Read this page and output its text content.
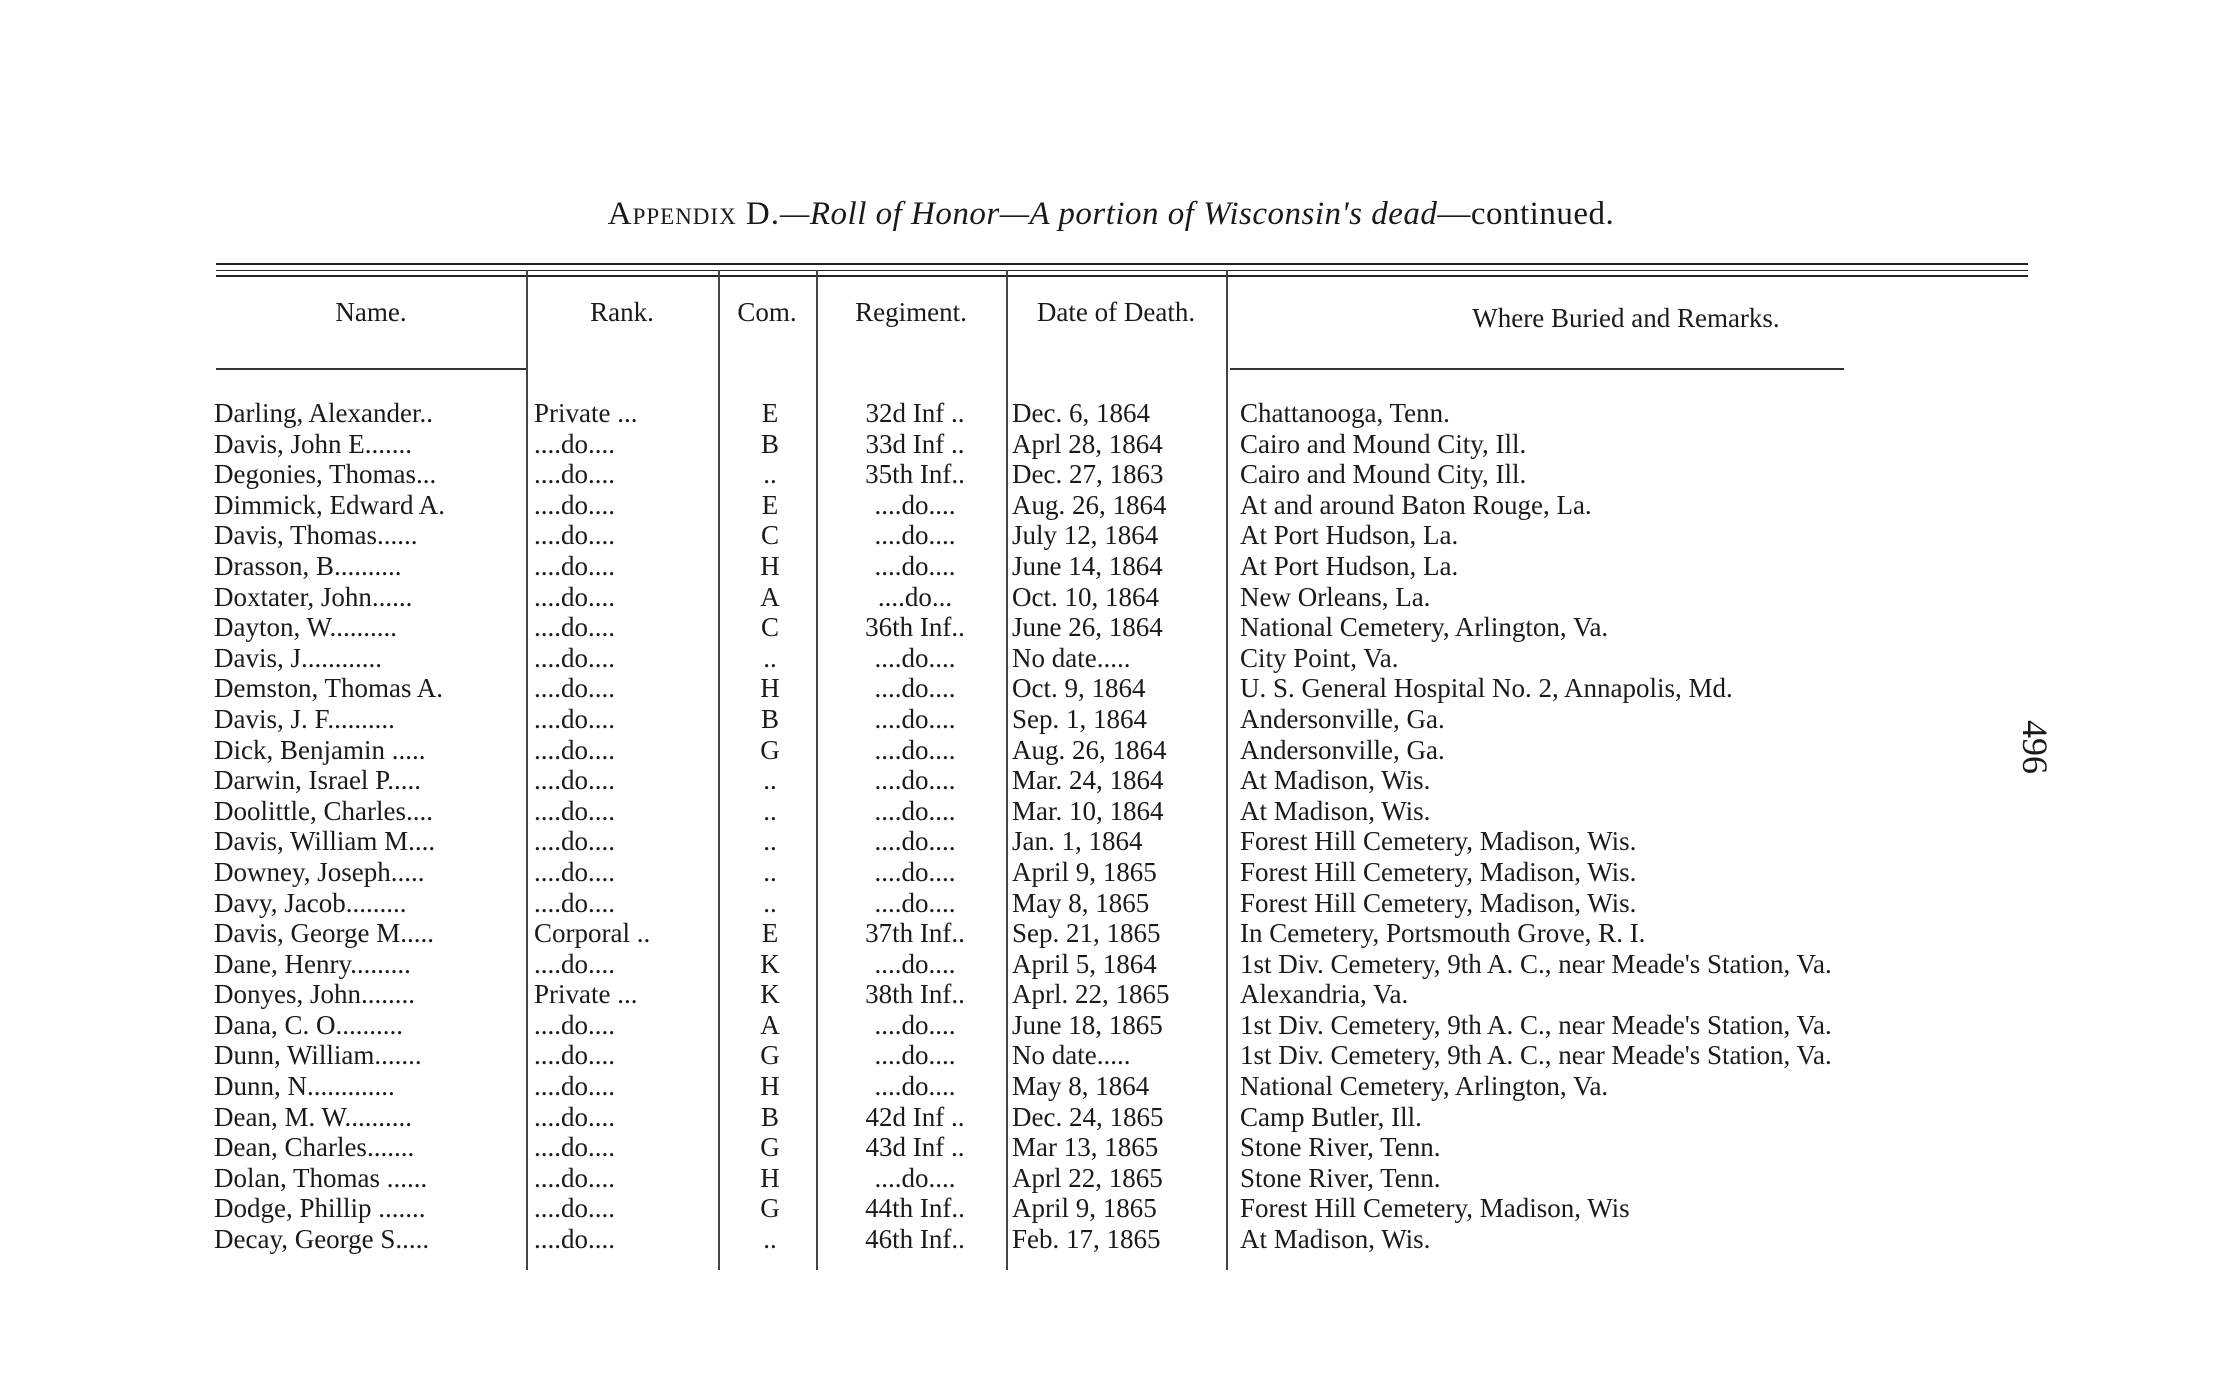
Appendix D.—Roll of Honor—A portion of Wisconsin's dead—continued.
Name.	Rank.	Com.	Regiment.	Date of Death.	Where Buried and Remarks.
Darling, Alexander..	Private ...	E	32d Inf ..	Dec. 6, 1864	Chattanooga, Tenn.
Davis, John E.......	....do....	B	33d Inf ..	Aprl 28, 1864	Cairo and Mound City, Ill.
Degonies, Thomas...	....do....	..	35th Inf..	Dec. 27, 1863	Cairo and Mound City, Ill.
Dimmick, Edward A.	....do....	E	....do....	Aug. 26, 1864	At and around Baton Rouge, La.
Davis, Thomas......	....do....	C	....do....	July 12, 1864	At Port Hudson, La.
Drasson, B..........	....do....	H	....do....	June 14, 1864	At Port Hudson, La.
Doxtater, John......	....do....	A	....do...	Oct. 10, 1864	New Orleans, La.
Dayton, W..........	....do....	C	36th Inf..	June 26, 1864	National Cemetery, Arlington, Va.
Davis, J............	....do....	..	....do....	No date.....	City Point, Va.
Demston, Thomas A.	....do....	H	....do....	Oct. 9, 1864	U. S. General Hospital No. 2, Annapolis, Md.
Davis, J. F..........	....do....	B	....do....	Sep. 1, 1864	Andersonville, Ga.
Dick, Benjamin .....	....do....	G	....do....	Aug. 26, 1864	Andersonville, Ga.
Darwin, Israel P.....	....do....	..	....do....	Mar. 24, 1864	At Madison, Wis.
Doolittle, Charles....	....do....	..	....do....	Mar. 10, 1864	At Madison, Wis.
Davis, William M....	....do....	..	....do....	Jan. 1, 1864	Forest Hill Cemetery, Madison, Wis.
Downey, Joseph.....	....do....	..	....do....	April 9, 1865	Forest Hill Cemetery, Madison, Wis.
Davy, Jacob.........	....do....	..	....do....	May 8, 1865	Forest Hill Cemetery, Madison, Wis.
Davis, George M.....	Corporal ..	E	37th Inf..	Sep. 21, 1865	In Cemetery, Portsmouth Grove, R. I.
Dane, Henry.........	....do....	K	....do....	April 5, 1864	1st Div. Cemetery, 9th A. C., near Meade's Station, Va.
Donyes, John........	Private ...	K	38th Inf..	Aprl. 22, 1865	Alexandria, Va.
Dana, C. O..........	....do....	A	....do....	June 18, 1865	1st Div. Cemetery, 9th A. C., near Meade's Station, Va.
Dunn, William.......	....do....	G	....do....	No date.....	1st Div. Cemetery, 9th A. C., near Meade's Station, Va.
Dunn, N.............	....do....	H	....do....	May 8, 1864	National Cemetery, Arlington, Va.
Dean, M. W..........	....do....	B	42d Inf ..	Dec. 24, 1865	Camp Butler, Ill.
Dean, Charles.......	....do....	G	43d Inf ..	Mar 13, 1865	Stone River, Tenn.
Dolan, Thomas ......	....do....	H	....do....	Aprl 22, 1865	Stone River, Tenn.
Dodge, Phillip .......	....do....	G	44th Inf..	April 9, 1865	Forest Hill Cemetery, Madison, Wis
Decay, George S.....	....do....	..	46th Inf..	Feb. 17, 1865	At Madison, Wis.
496
